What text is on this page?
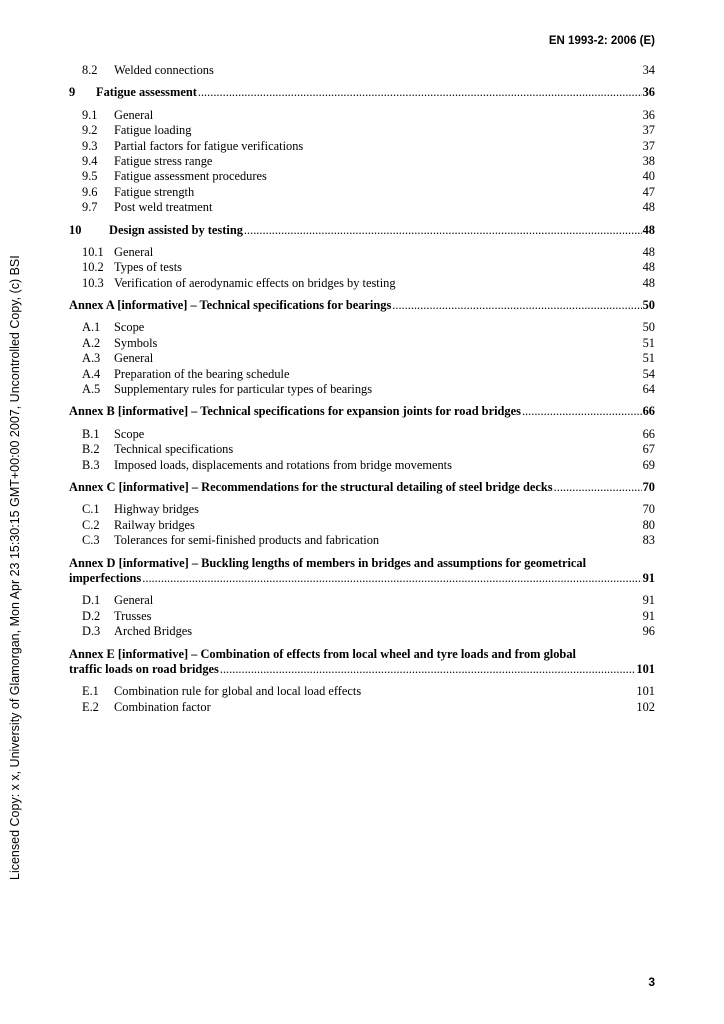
EN 1993-2: 2006 (E)
Licensed Copy: x x, University of Glamorgan, Mon Apr 23 15:30:15 GMT+00:00 2007, Uncontrolled Copy, (c) BSI
8.2 Welded connections	34
9	Fatigue assessment .....	36
9.1 General	36
9.2 Fatigue loading	37
9.3 Partial factors for fatigue verifications	37
9.4 Fatigue stress range	38
9.5 Fatigue assessment procedures	40
9.6 Fatigue strength	47
9.7 Post weld treatment	48
10	Design assisted by testing .....	48
10.1 General	48
10.2 Types of tests	48
10.3 Verification of aerodynamic effects on bridges by testing	48
Annex A [informative] – Technical specifications for bearings .....	50
A.1 Scope	50
A.2 Symbols	51
A.3 General	51
A.4 Preparation of the bearing schedule	54
A.5 Supplementary rules for particular types of bearings	64
Annex B [informative] – Technical specifications for expansion joints for road bridges .....	66
B.1 Scope	66
B.2 Technical specifications	67
B.3 Imposed loads, displacements and rotations from bridge movements	69
Annex C [informative] – Recommendations for the structural detailing of steel bridge decks .....	70
C.1 Highway bridges	70
C.2 Railway bridges	80
C.3 Tolerances for semi-finished products and fabrication	83
Annex D [informative] – Buckling lengths of members in bridges and assumptions for geometrical
imperfections .....	91
D.1 General	91
D.2 Trusses	91
D.3 Arched Bridges	96
Annex E [informative] – Combination of effects from local wheel and tyre loads and from global
traffic loads on road bridges .....	101
E.1 Combination rule for global and local load effects	101
E.2 Combination factor	102
3
